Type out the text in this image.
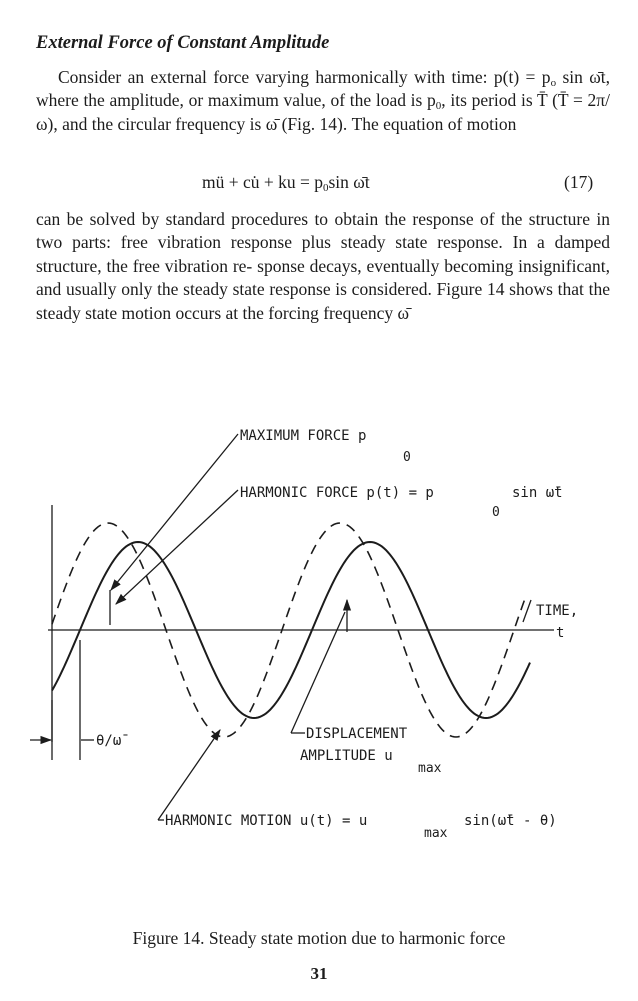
External Force of Constant Amplitude
Consider an external force varying harmonically with time: $p(t) = p_o$ sin ω̄t, where the amplitude, or maximum value, of the load is $p_0$, its period is T̄ (T̄ = 2π/ω), and the circular frequency is ω̄ (Fig. 14). The equation of motion
mü + cu̇ + ku = $p_0\sin$ ω̄t	(17)
can be solved by standard procedures to obtain the response of the structure in two parts: free vibration response plus steady state response. In a damped structure, the free vibration re- sponse decays, eventually becoming insignificant, and usually only the steady state response is considered. Figure 14 shows that the steady state motion occurs at the forcing frequency ω̄
θ/ω̄
MAXIMUM FORCE p
0
HARMONIC FORCE p(t) = p
0
sin ω̄t
DISPLACEMENT
AMPLITUDE u
max
HARMONIC MOTION u(t) = u
max
sin(ω̄t - θ)
TIME,
t
Figure 14. Steady state motion due to harmonic force
31
